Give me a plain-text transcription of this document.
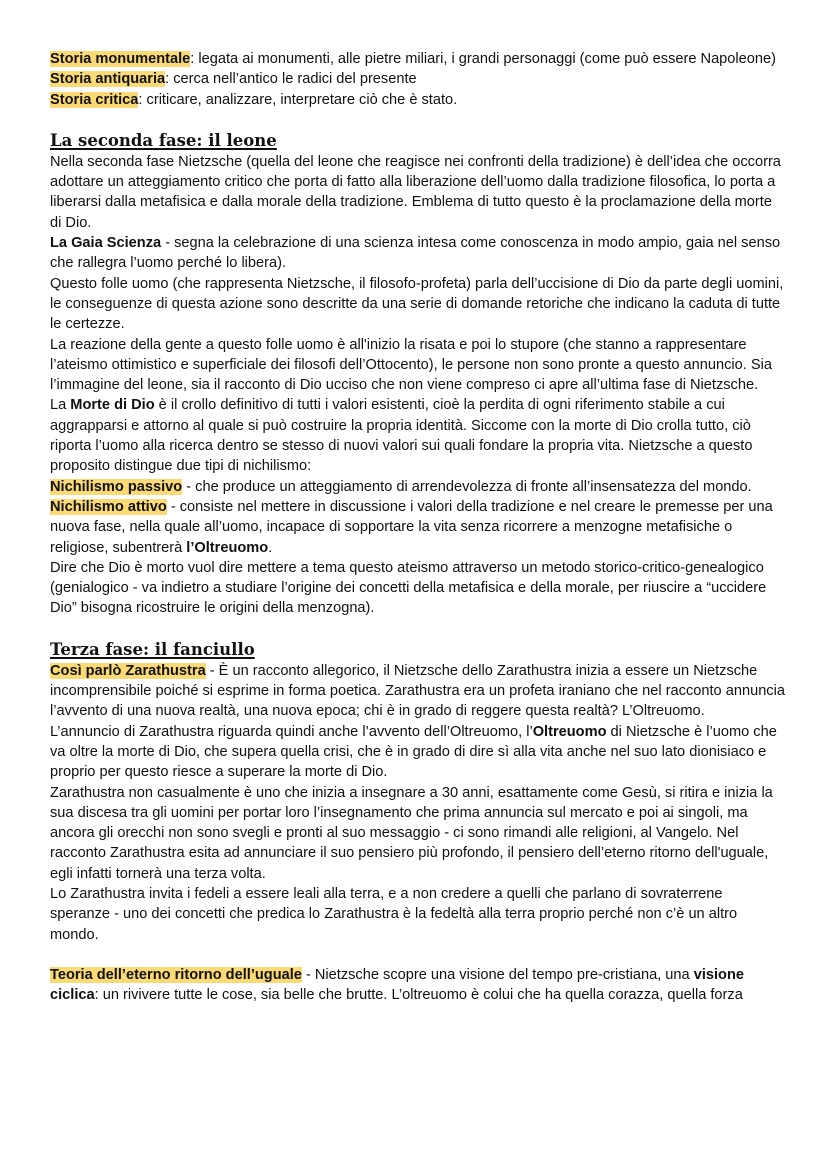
Storia monumentale: legata ai monumenti, alle pietre miliari, i grandi personaggi (come può essere Napoleone)

Storia antiquaria: cerca nell’antico le radici del presente

Storia critica: criticare, analizzare, interpretare ciò che è stato.

La seconda fase: il leone

Nella seconda fase Nietzsche (quella del leone che reagisce nei confronti della tradizione) è dell’idea che occorra adottare un atteggiamento critico che porta di fatto alla liberazione dell’uomo dalla tradizione filosofica, lo porta a liberarsi dalla metafisica e dalla morale della tradizione. Emblema di tutto questo è la proclamazione della morte di Dio.

La Gaia Scienza - segna la celebrazione di una scienza intesa come conoscenza in modo ampio, gaia nel senso che rallegra l’uomo perché lo libera).

Questo folle uomo (che rappresenta Nietzsche, il filosofo-profeta) parla dell’uccisione di Dio da parte degli uomini, le conseguenze di questa azione sono descritte da una serie di domande retoriche che indicano la caduta di tutte le certezze.

La reazione della gente a questo folle uomo è all'inizio la risata e poi lo stupore (che stanno a rappresentare l’ateismo ottimistico e superficiale dei filosofi dell’Ottocento), le persone non sono pronte a questo annuncio. Sia l’immagine del leone, sia il racconto di Dio ucciso che non viene compreso ci apre all’ultima fase di Nietzsche.

La Morte di Dio è il crollo definitivo di tutti i valori esistenti, cioè la perdita di ogni riferimento stabile a cui aggrapparsi e attorno al quale si può costruire la propria identità. Siccome con la morte di Dio crolla tutto, ciò riporta l’uomo alla ricerca dentro se stesso di nuovi valori sui quali fondare la propria vita. Nietzsche a questo proposito distingue due tipi di nichilismo:

Nichilismo passivo - che produce un atteggiamento di arrendevolezza di fronte all’insensatezza del mondo.

Nichilismo attivo - consiste nel mettere in discussione i valori della tradizione e nel creare le premesse per una nuova fase, nella quale all’uomo, incapace di sopportare la vita senza ricorrere a menzogne metafisiche o religiose, subentrerà l’Oltreuomo.

Dire che Dio è morto vuol dire mettere a tema questo ateismo attraverso un metodo storico-critico-genealogico (genialogico - va indietro a studiare l’origine dei concetti della metafisica e della morale, per riuscire a “uccidere Dio” bisogna ricostruire le origini della menzogna).

Terza fase: il fanciullo

Così parlò Zarathustra - È un racconto allegorico, il Nietzsche dello Zarathustra inizia a essere un Nietzsche incomprensibile poiché si esprime in forma poetica. Zarathustra era un profeta iraniano che nel racconto annuncia l’avvento di una nuova realtà, una nuova epoca; chi è in grado di reggere questa realtà? L’Oltreuomo.

L’annuncio di Zarathustra riguarda quindi anche l’avvento dell’Oltreuomo, l’Oltreuomo di Nietzsche è l’uomo che va oltre la morte di Dio, che supera quella crisi, che è in grado di dire sì alla vita anche nel suo lato dionisiaco e proprio per questo riesce a superare la morte di Dio.

Zarathustra non casualmente è uno che inizia a insegnare a 30 anni, esattamente come Gesù, si ritira e inizia la sua discesa tra gli uomini per portar loro l’insegnamento che prima annuncia sul mercato e poi ai singoli, ma ancora gli orecchi non sono svegli e pronti al suo messaggio - ci sono rimandi alle religioni, al Vangelo. Nel racconto Zarathustra esita ad annunciare il suo pensiero più profondo, il pensiero dell’eterno ritorno dell'uguale, egli infatti tornerà una terza volta.

Lo Zarathustra invita i fedeli a essere leali alla terra, e a non credere a quelli che parlano di sovraterrene speranze - uno dei concetti che predica lo Zarathustra è la fedeltà alla terra proprio perché non c’è un altro mondo.

Teoria dell’eterno ritorno dell’uguale - Nietzsche scopre una visione del tempo pre-cristiana, una visione ciclica: un rivivere tutte le cose, sia belle che brutte. L’oltreuomo è colui che ha quella corazza, quella forza
